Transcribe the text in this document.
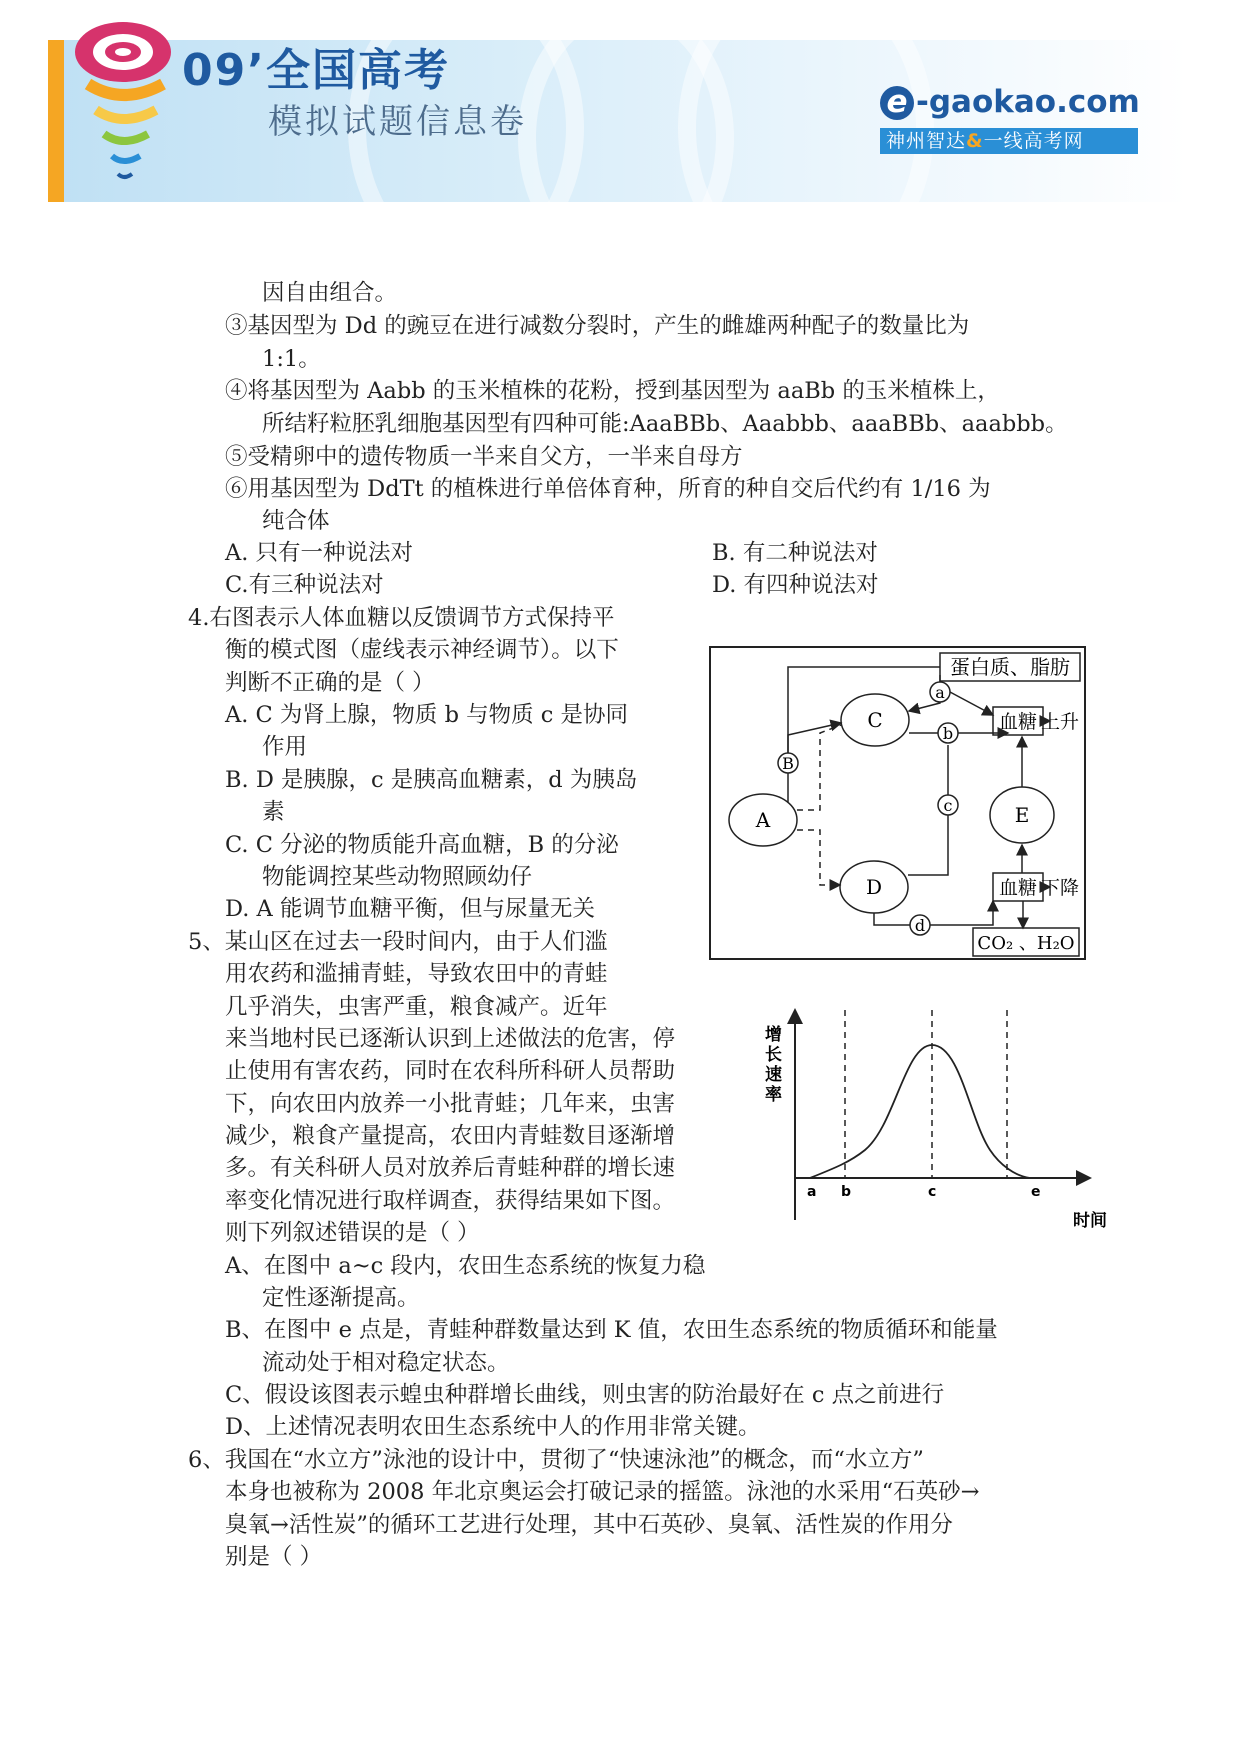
09’全国高考
模拟试题信息卷	e -gaokao.com
神州智达&一线高考网
因自由组合。
③基因型为 Dd 的豌豆在进行减数分裂时，产生的雌雄两种配子的数量比为
1:1。
④将基因型为 Aabb 的玉米植株的花粉，授到基因型为 aaBb 的玉米植株上，
所结籽粒胚乳细胞基因型有四种可能:AaaBBb、Aaabbb、aaaBBb、aaabbb。
⑤受精卵中的遗传物质一半来自父方，一半来自母方
⑥用基因型为 DdTt 的植株进行单倍体育种，所育的种自交后代约有 1/16 为
纯合体
A. 只有一种说法对	B. 有二种说法对
C.有三种说法对	D. 有四种说法对
4.右图表示人体血糖以反馈调节方式保持平
衡的模式图（虚线表示神经调节）。以下
判断不正确的是（ ）
A. C 为肾上腺，物质 b 与物质 c 是协同
作用
B. D 是胰腺，c 是胰高血糖素，d 为胰岛
素
C. C 分泌的物质能升高血糖，B 的分泌
物能调控某些动物照顾幼仔
D. A 能调节血糖平衡，但与尿量无关
5、某山区在过去一段时间内，由于人们滥
用农药和滥捕青蛙，导致农田中的青蛙
几乎消失，虫害严重，粮食减产。近年
来当地村民已逐渐认识到上述做法的危害，停
止使用有害农药，同时在农科所科研人员帮助
下，向农田内放养一小批青蛙；几年来，虫害
减少，粮食产量提高，农田内青蛙数目逐渐增
多。有关科研人员对放养后青蛙种群的增长速
率变化情况进行取样调查，获得结果如下图。
则下列叙述错误的是（ ）
A、在图中 a~c 段内，农田生态系统的恢复力稳
定性逐渐提高。
B、在图中 e 点是，青蛙种群数量达到 K 值，农田生态系统的物质循环和能量
流动处于相对稳定状态。
C、假设该图表示蝗虫种群增长曲线，则虫害的防治最好在 c 点之前进行
D、上述情况表明农田生态系统中人的作用非常关键。
6、我国在“水立方”泳池的设计中，贯彻了“快速泳池”的概念，而“水立方”
本身也被称为 2008 年北京奥运会打破记录的摇篮。泳池的水采用“石英砂→
臭氧→活性炭”的循环工艺进行处理，其中石英砂、臭氧、活性炭的作用分
别是（ ）
蛋白质、脂肪
血糖 上升
血糖 下降
CO₂ 、H₂O
A
C
D
E
B
a
b
c
d
增
长
速
率
a b	c	e
时间
